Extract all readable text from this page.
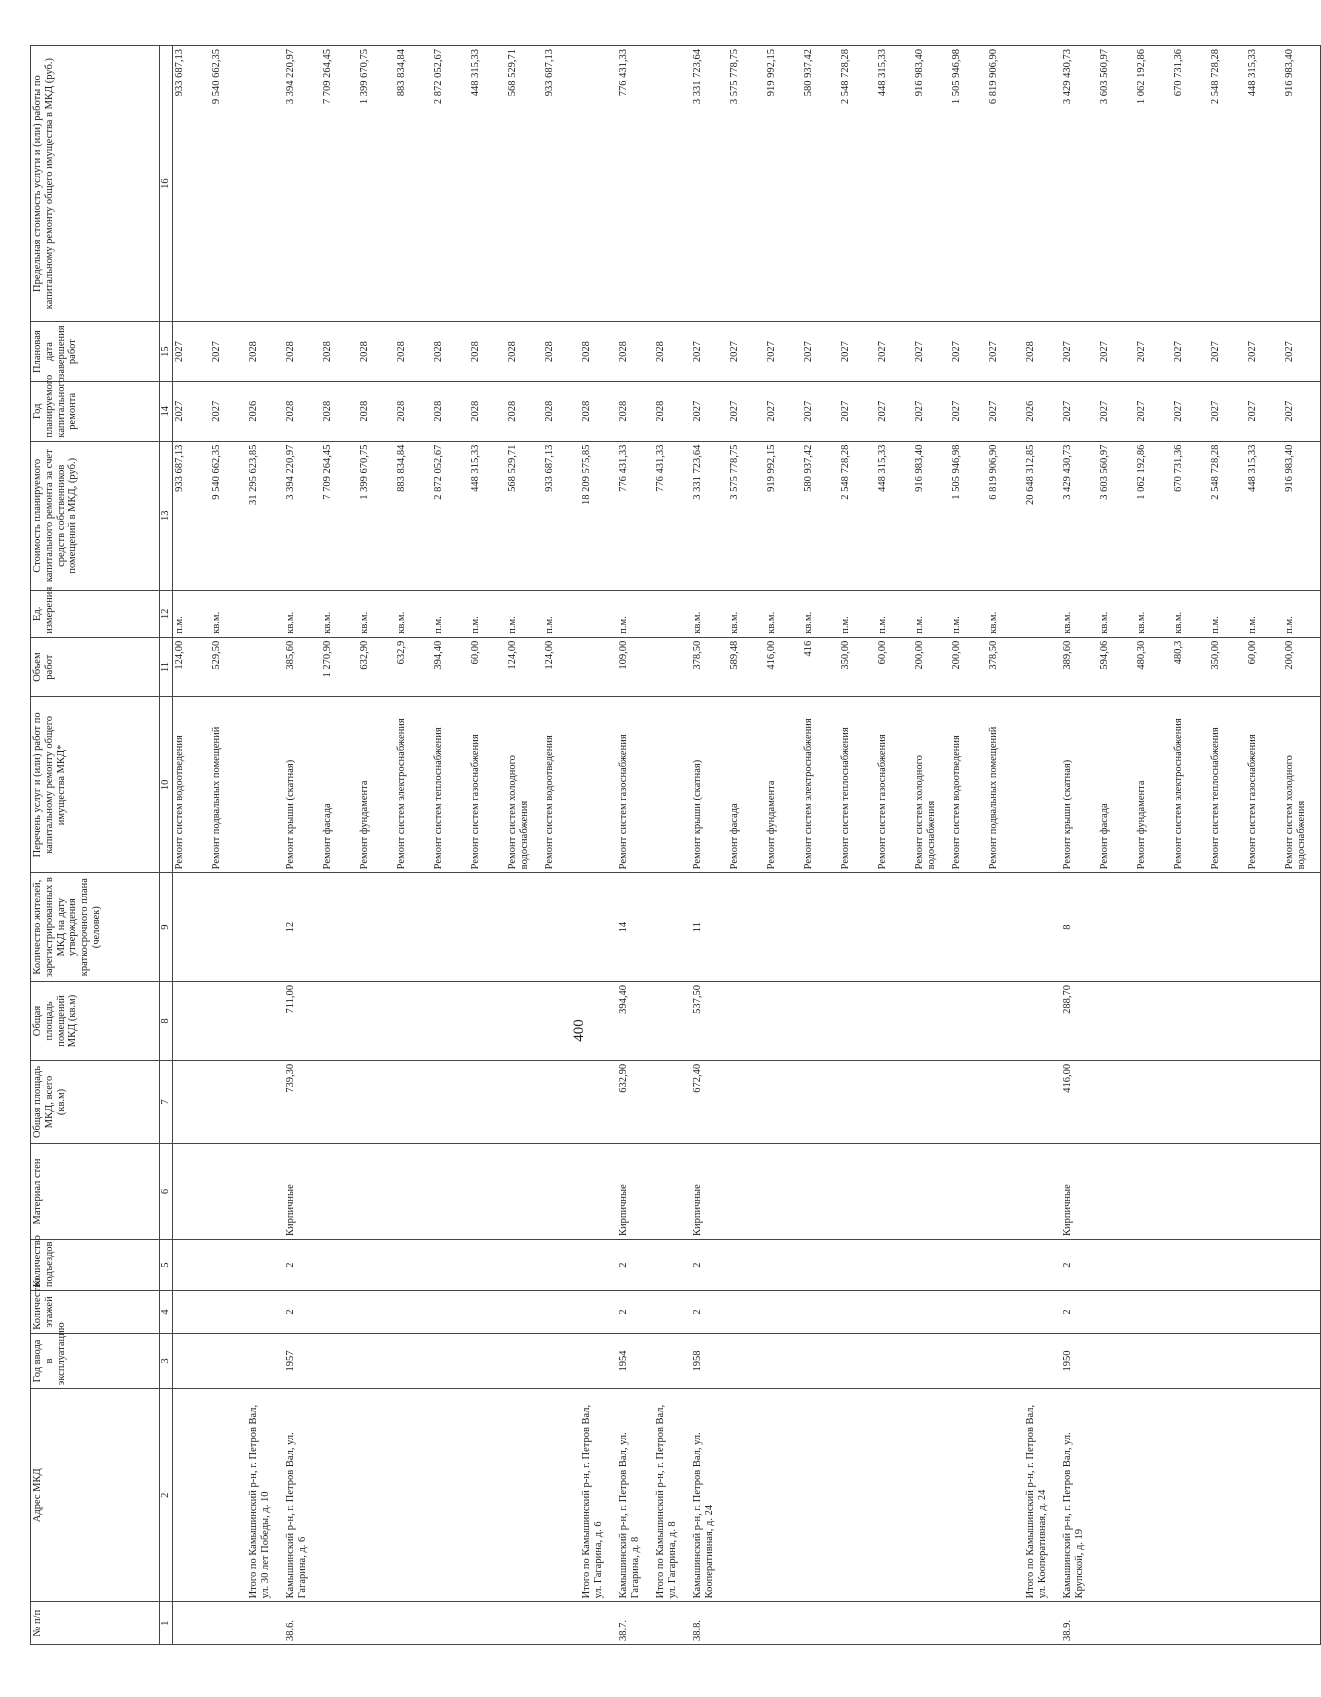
400
№ п/п	Адрес МКД	Год ввода в эксплуатацию	Количество этажей	Количество подъездов	Материал стен	Общая площадь МКД, всего (кв.м)	Общая площадь помещений МКД (кв.м)	Количество жителей, зарегистрированных в МКД на дату утверждения краткосрочного плана (человек)	Перечень услуг и (или) работ по капитальному ремонту общего имущества МКД*	Объем работ	Ед. измерения	Стоимость планируемого капитального ремонта за счет средств собственников помещений в МКД, (руб.)	Год планируемого капитального ремонта	Плановая дата завершения работ	Предельная стоимость услуги и (или) работы по капитальному ремонту общего имущества в МКД (руб.)
1	2	3	4	5	6	7	8	9	10	11	12	13	14	15	16
									Ремонт систем водоотведения	124,00	п.м.	933 687,13	2027	2027	933 687,13
									Ремонт подвальных помещений	529,50	кв.м.	9 540 662,35	2027	2027	9 540 662,35
	Итого по Камышинский р-н, г. Петров Вал, ул. 30 лет Победы, д. 10											31 295 623,85	2026	2028	
38.6.	Камышинский р-н, г. Петров Вал, ул. Гагарина, д. 6	1957	2	2	Кирпичные	739,30	711,00	12	Ремонт крыши (скатная)	385,60	кв.м.	3 394 220,97	2028	2028	3 394 220,97
									Ремонт фасада	1 270,90	кв.м.	7 709 264,45	2028	2028	7 709 264,45
									Ремонт фундамента	632,90	кв.м.	1 399 670,75	2028	2028	1 399 670,75
									Ремонт систем электроснабжения	632,9	кв.м.	883 834,84	2028	2028	883 834,84
									Ремонт систем теплоснабжения	394,40	п.м.	2 872 052,67	2028	2028	2 872 052,67
									Ремонт систем газоснабжения	60,00	п.м.	448 315,33	2028	2028	448 315,33
									Ремонт систем холодного водоснабжения	124,00	п.м.	568 529,71	2028	2028	568 529,71
									Ремонт систем водоотведения	124,00	п.м.	933 687,13	2028	2028	933 687,13
	Итого по Камышинский р-н, г. Петров Вал, ул. Гагарина, д. 6											18 209 575,85	2028	2028	
38.7.	Камышинский р-н, г. Петров Вал, ул. Гагарина, д. 8	1954	2	2	Кирпичные	632,90	394,40	14	Ремонт систем газоснабжения	109,00	п.м.	776 431,33	2028	2028	776 431,33
	Итого по Камышинский р-н, г. Петров Вал, ул. Гагарина, д. 8											776 431,33	2028	2028	
38.8.	Камышинский р-н, г. Петров Вал, ул. Кооперативная, д. 24	1958	2	2	Кирпичные	672,40	537,50	11	Ремонт крыши (скатная)	378,50	кв.м.	3 331 723,64	2027	2027	3 331 723,64
									Ремонт фасада	589,48	кв.м.	3 575 778,75	2027	2027	3 575 778,75
									Ремонт фундамента	416,00	кв.м.	919 992,15	2027	2027	919 992,15
									Ремонт систем электроснабжения	416	кв.м.	580 937,42	2027	2027	580 937,42
									Ремонт систем теплоснабжения	350,00	п.м.	2 548 728,28	2027	2027	2 548 728,28
									Ремонт систем газоснабжения	60,00	п.м.	448 315,33	2027	2027	448 315,33
									Ремонт систем холодного водоснабжения	200,00	п.м.	916 983,40	2027	2027	916 983,40
									Ремонт систем водоотведения	200,00	п.м.	1 505 946,98	2027	2027	1 505 946,98
									Ремонт подвальных помещений	378,50	кв.м.	6 819 906,90	2027	2027	6 819 906,90
	Итого по Камышинский р-н, г. Петров Вал, ул. Кооперативная, д. 24											20 648 312,85	2026	2028	
38.9.	Камышинский р-н, г. Петров Вал, ул. Крупской, д. 19	1950	2	2	Кирпичные	416,00	288,70	8	Ремонт крыши (скатная)	389,60	кв.м.	3 429 430,73	2027	2027	3 429 430,73
									Ремонт фасада	594,06	кв.м.	3 603 560,97	2027	2027	3 603 560,97
									Ремонт фундамента	480,30	кв.м.	1 062 192,86	2027	2027	1 062 192,86
									Ремонт систем электроснабжения	480,3	кв.м.	670 731,36	2027	2027	670 731,36
									Ремонт систем теплоснабжения	350,00	п.м.	2 548 728,28	2027	2027	2 548 728,28
									Ремонт систем газоснабжения	60,00	п.м.	448 315,33	2027	2027	448 315,33
									Ремонт систем холодного водоснабжения	200,00	п.м.	916 983,40	2027	2027	916 983,40
